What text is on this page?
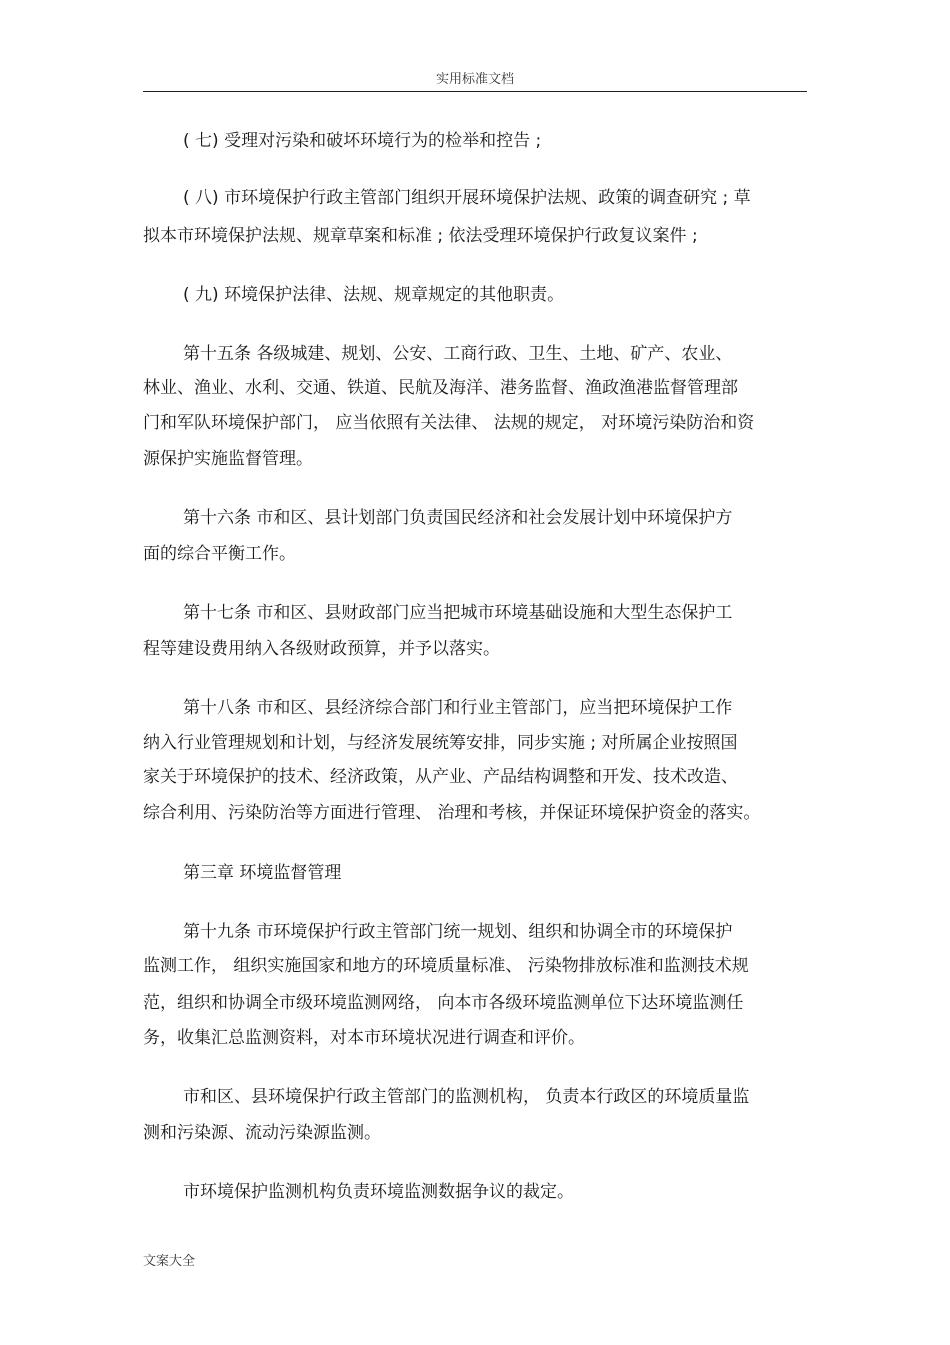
实用标准文档
( 七) 受理对污染和破坏环境行为的检举和控告 ;
( 八) 市环境保护行政主管部门组织开展环境保护法规、政策的调查研究 ; 草
拟本市环境保护法规、规章草案和标准 ; 依法受理环境保护行政复议案件 ;
( 九) 环境保护法律、法规、规章规定的其他职责。
第十五条 各级城建、规划、公安、工商行政、卫生、土地、矿产、农业、
林业、渔业、水利、交通、铁道、民航及海洋、港务监督、渔政渔港监督管理部
门和军队环境保护部门， 应当依照有关法律、 法规的规定， 对环境污染防治和资
源保护实施监督管理。
第十六条 市和区、县计划部门负责国民经济和社会发展计划中环境保护方
面的综合平衡工作。
第十七条 市和区、县财政部门应当把城市环境基础设施和大型生态保护工
程等建设费用纳入各级财政预算，并予以落实。
第十八条 市和区、县经济综合部门和行业主管部门，应当把环境保护工作
纳入行业管理规划和计划，与经济发展统筹安排，同步实施 ; 对所属企业按照国
家关于环境保护的技术、经济政策，从产业、产品结构调整和开发、技术改造、
综合利用、污染防治等方面进行管理、 治理和考核，并保证环境保护资金的落实。
第三章 环境监督管理
第十九条 市环境保护行政主管部门统一规划、组织和协调全市的环境保护
监测工作， 组织实施国家和地方的环境质量标准、 污染物排放标准和监测技术规
范，组织和协调全市级环境监测网络， 向本市各级环境监测单位下达环境监测任
务，收集汇总监测资料，对本市环境状况进行调查和评价。
市和区、县环境保护行政主管部门的监测机构， 负责本行政区的环境质量监
测和污染源、流动污染源监测。
市环境保护监测机构负责环境监测数据争议的裁定。
文案大全
